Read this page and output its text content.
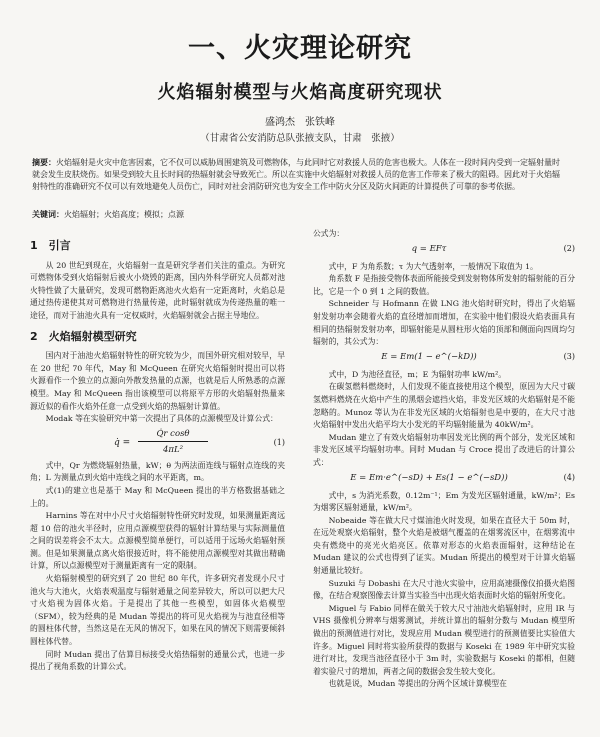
一、火灾理论研究
火焰辐射模型与火焰高度研究现状
盛鸿杰　张铁峰
（甘肃省公安消防总队张掖支队，甘肃　张掖）
摘要：火焰辐射是火灾中危害因素，它不仅可以威胁周围建筑及可燃物体，与此同时它对救援人员的危害也极大。人体在一段时间内受到一定辐射量时就会发生皮肤烧伤。如果受到较大且长时间的热辐射就会导致死亡。所以在实施中火焰辐射对救援人员的危害工作带来了极大的阻碍。因此对于火焰辐射特性的准确研究不仅可以有效地避免人员伤亡，同时对社会消防研究也为安全工作中防火分区及防火间距的计算提供了可靠的参考依据。
关键词：火焰辐射；火焰高度；模拟；点源
1　引言

从 20 世纪到现在，火焰辐射一直是研究学者们关注的重点。为研究可燃物体受到火焰辐射后被火小烧毁的距离，国内外科学研究人员都对池火特性做了大量研究，发现可燃物距离池火火焰有一定距离时，火焰总是通过热传递使其对可燃物进行热量传递，此时辐射就成为传递热量的唯一途径，而对于油池火具有一定权威时，火焰辐射就会占据主导地位。

2　火焰辐射模型研究

国内对于油池火焰辐射特性的研究较为少，而国外研究相对较早，早在 20 世纪 70 年代，May 和 McQueen 在研究火焰辐射时提出可以将火源看作一个独立的点源向外散发热量的点源，也就是后人所熟悉的点源模型。May 和 McQueen 指出该模型可以将原平方形的火焰辐射热量来源近似的看作火焰外任意一点受到火焰的热辐射计算值。

Modak 等在实验研究中第一次提出了具体的点源模型及计算公式：

q̇ =
Q̇r cosθ
4πL²
(1)

式中，Qr 为燃烧辐射热量，kW；θ 为两法面连线与辐射点连线的夹角；L 为测量点到火焰中连线之间的水平距离，m。

式(1)的建立也是基于 May 和 McQueen 提出的半方格数据基础之上的。

Harnins 等在对中小尺寸火焰辐射特性研究时发现，如果测量距离远超 10 倍的池火半径时，应用点源模型获得的辐射计算结果与实际测量值之间的误差将会不太大。点源模型简单便行，可以适用于远场火焰辐射预测。但是如果测量点离火焰很接近时，将不能使用点源模型对其做出精确计算，所以点源模型对于测量距离有一定的限制。

火焰辐射模型的研究到了 20 世纪 80 年代，许多研究者发现小尺寸池火与大池火，火焰表观温度与辐射通量之间差异较大，所以可以把大尺寸火焰视为固体火焰。于是提出了其他一些模型，如固体火焰模型（SFM），较为经典的是 Mudan 等提出的将可见火焰视为与池直径相等的圆柱体代替，当然这是在无风的情况下，如果在风的情况下则需要倾斜圆柱体代替。

同时 Mudan 提出了估算目标接受火焰热辐射的通量公式，也进一步提出了视角系数的计算公式。

公式为：

q = EFτ	(2)

式中，F 为角系数；τ 为大气透射率，一般情况下取值为 1。

角系数 F 是指接受物体表面所能接受到发射物体所发射的辐射能的百分比，它是一个 0 到 1 之间的数值。

Schneider 与 Hofmann 在做 LNG 池火焰时研究时，得出了火焰辐射发射功率会随着火焰的直径增加而增加，在实验中他们假设火焰表面具有相同的热辐射发射功率，即辐射能是从圆柱形火焰的顶部和侧面向四周均匀辐射的，其公式为：

E = Em(1 − e^(−kD))	(3)

式中，D 为池径直径，m；E 为辐射功率 kW/m²。

在碳氢燃料燃烧时，人们发现不能直接使用这个模型，原因为大尺寸碳氢燃料燃烧在火焰中产生的黑烟会遮挡火焰，非发光区域的火焰辐射是不能忽略的。Munoz 等认为在非发光区域的火焰辐射也是中要的，在大尺寸池火焰辐射中发出火焰平均大小发光的平均辐射能量为 40kW/m²。

Mudan 建立了有效火焰辐射功率因发光比例的两个部分，发光区域和非发光区域平均辐射功率。同时 Mudan 与 Croce 提出了改进后的计算公式：

E = Em·e^(−sD) + Es(1 − e^(−sD))	(4)

式中，s 为消光系数，0.12m⁻¹；Em 为发光区辐射通量，kW/m²；Es 为烟雾区辐射通量，kW/m²。

Nobeaide 等在做大尺寸煤油池火时发现，如果在直径大于 50m 时，在远处观察火焰辐射，整个火焰是被烟气覆盖的在烟雾流区中，在烟雾流中央有燃烧中的亮光火焰亮区。依靠对形态的火焰表面辐射，这种结论在 Mudan 建议的公式也得到了证实。Mudan 所提出的模型对于计算火焰辐射通量比较好。

Suzuki 与 Dobashi 在大尺寸池火实验中，应用高速摄像仪拍摄火焰图像，在结合观察图像去计算当实验当中出现火焰表面时火焰的辐射所变化。

Miguel 与 Fabio 同样在做关于较大尺寸油池火焰辐射时，应用 IR 与 VHS 摄像机分辨率与烟雾测试，并统计算出的辐射分数与 Mudan 模型所做出的预测值进行对比，发现应用 Mudan 模型进行的预测值要比实验值大许多。Miguel 同时将实验所获得的数据与 Koseki 在 1989 年中研究实验进行对比，发现当池径直径小于 3m 时，实验数据与 Koseki 的都相，但随着实验尺寸的增加，两者之间的数据会发生较大变化。

也就是说，Mudan 等提出的分两个区域计算模型在
